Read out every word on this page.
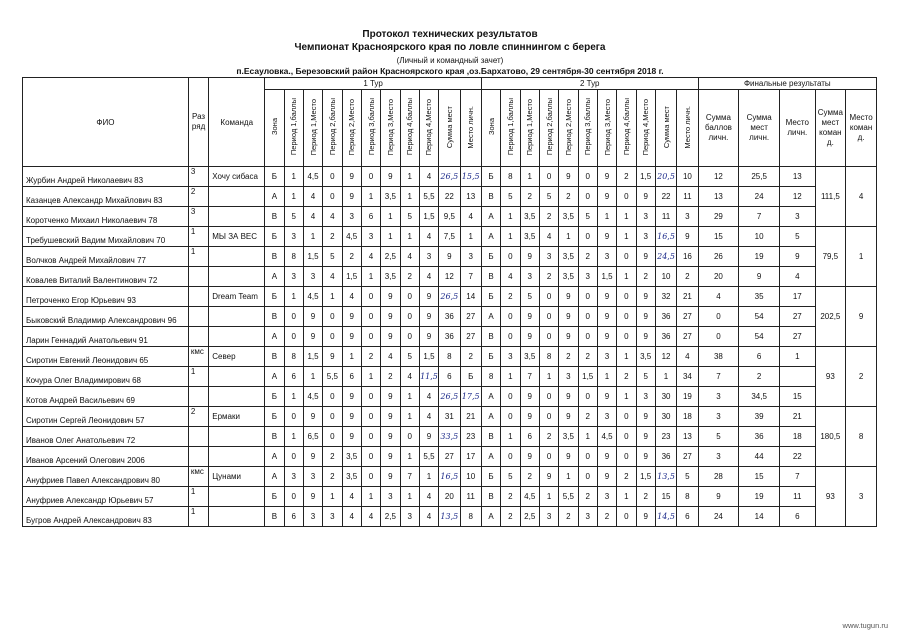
Протокол технических результатов
Чемпионат Красноярского края по ловле спиннингом с берега
(Личный и командный зачет)
п.Есауловка., Березовский район Красноярского края ,оз.Бархатово, 29 сентября-30 сентября 2018 г.
ФИО	Раз ряд	Команда	1 Тур											2 Тур											Финальные результаты				
			Зона	Период 1,баллы	Период 1,Место	Период 2,баллы	Период 2,Место	Период 3,баллы	Период 3,Место	Период 4,баллы	Период 4,Место	Сумма мест	Место личн.	Зона	Период 1,баллы	Период 1,Место	Период 2,баллы	Период 2,Место	Период 3,баллы	Период 3,Место	Период 4,баллы	Период 4,Место	Сумма мест	Место личн.	Сумма баллов личн.	Сумма мест личн.	Место личн.	Сумма мест коман д.	Место коман д.
Журбин Андрей Николаевич 83	3	Хочу сибаса	Б	1	4,5	0	9	0	9	1	4	26,5	15,5	Б	8	1	0	9	0	9	2	1,5	20,5	10	12	25,5	13	111,5	4
Казанцев Александр Михайлович 83	2		А	1	4	0	9	1	3,5	1	5,5	22	13	В	5	2	5	2	0	9	0	9	22	11	13	24	12		
Коротченко Михаил Николаевич 78	3		В	5	4	4	3	6	1	5	1,5	9,5	4	А	1	3,5	2	3,5	5	1	1	3	11	3	29	7	3		
Требушевский Вадим Михайлович 70	1	МЫ ЗА ВЕС	Б	3	1	2	4,5	3	1	1	4	7,5	1	А	1	3,5	4	1	0	9	1	3	16,5	9	15	10	5	79,5	1
Волчков Андрей Михайлович 77	1		В	8	1,5	5	2	4	2,5	4	3	9	3	Б	0	9	3	3,5	2	3	0	9	24,5	16	26	19	9		
Ковалев Виталий Валентинович 72			А	3	3	4	1,5	1	3,5	2	4	12	7	В	4	3	2	3,5	3	1,5	1	2	10	2	20	9	4		
Петроченко Егор Юрьевич 93		Dream Team	Б	1	4,5	1	4	0	9	0	9	26,5	14	Б	2	5	0	9	0	9	0	9	32	21	4	35	17	202,5	9
Быковский Владимир Александрович 96			В	0	9	0	9	0	9	0	9	36	27	А	0	9	0	9	0	9	0	9	36	27	0	54	27		
Ларин Геннадий Анатольевич 91			А	0	9	0	9	0	9	0	9	36	27	В	0	9	0	9	0	9	0	9	36	27	0	54	27		
Сиротин Евгений Леонидович 65	кмс	Север	В	8	1,5	9	1	2	4	5	1,5	8	2	Б	3	3,5	8	2	2	3	1	3,5	12	4	38	6	1	93	2
Кочура Олег Владимирович 68	1		А	6	1	5,5	6	1	2	4	11,5	6	Б	8	1	7	1	3	1,5	1	2	5	1	34	7	2			
Котов Андрей Васильевич 69			Б	1	4,5	0	9	0	9	1	4	26,5	17,5	А	0	9	0	9	0	9	1	3	30	19	3	34,5	15		
Сиротин Сергей Леонидович 57	2	Ермаки	Б	0	9	0	9	0	9	1	4	31	21	А	0	9	0	9	2	3	0	9	30	18	3	39	21	180,5	8
Иванов Олег Анатольевич 72			В	1	6,5	0	9	0	9	0	9	33,5	23	В	1	6	2	3,5	1	4,5	0	9	23	13	5	36	18		
Иванов Арсений Олегович 2006			А	0	9	2	3,5	0	9	1	5,5	27	17	А	0	9	0	9	0	9	0	9	36	27	3	44	22		
Ануфриев Павел Александрович 80	кмс	Цунами	А	3	3	2	3,5	0	9	7	1	16,5	10	Б	5	2	9	1	0	9	2	1,5	13,5	5	28	15	7	93	3
Ануфриев Александр Юрьевич 57	1		Б	0	9	1	4	1	3	1	4	20	11	В	2	4,5	1	5,5	2	3	1	2	15	8	9	19	11		
Бугров Андрей Александрович 83	1		В	6	3	3	4	4	2,5	3	4	13,5	8	А	2	2,5	3	2	3	2	0	9	14,5	6	24	14	6		
www.tugun.ru
